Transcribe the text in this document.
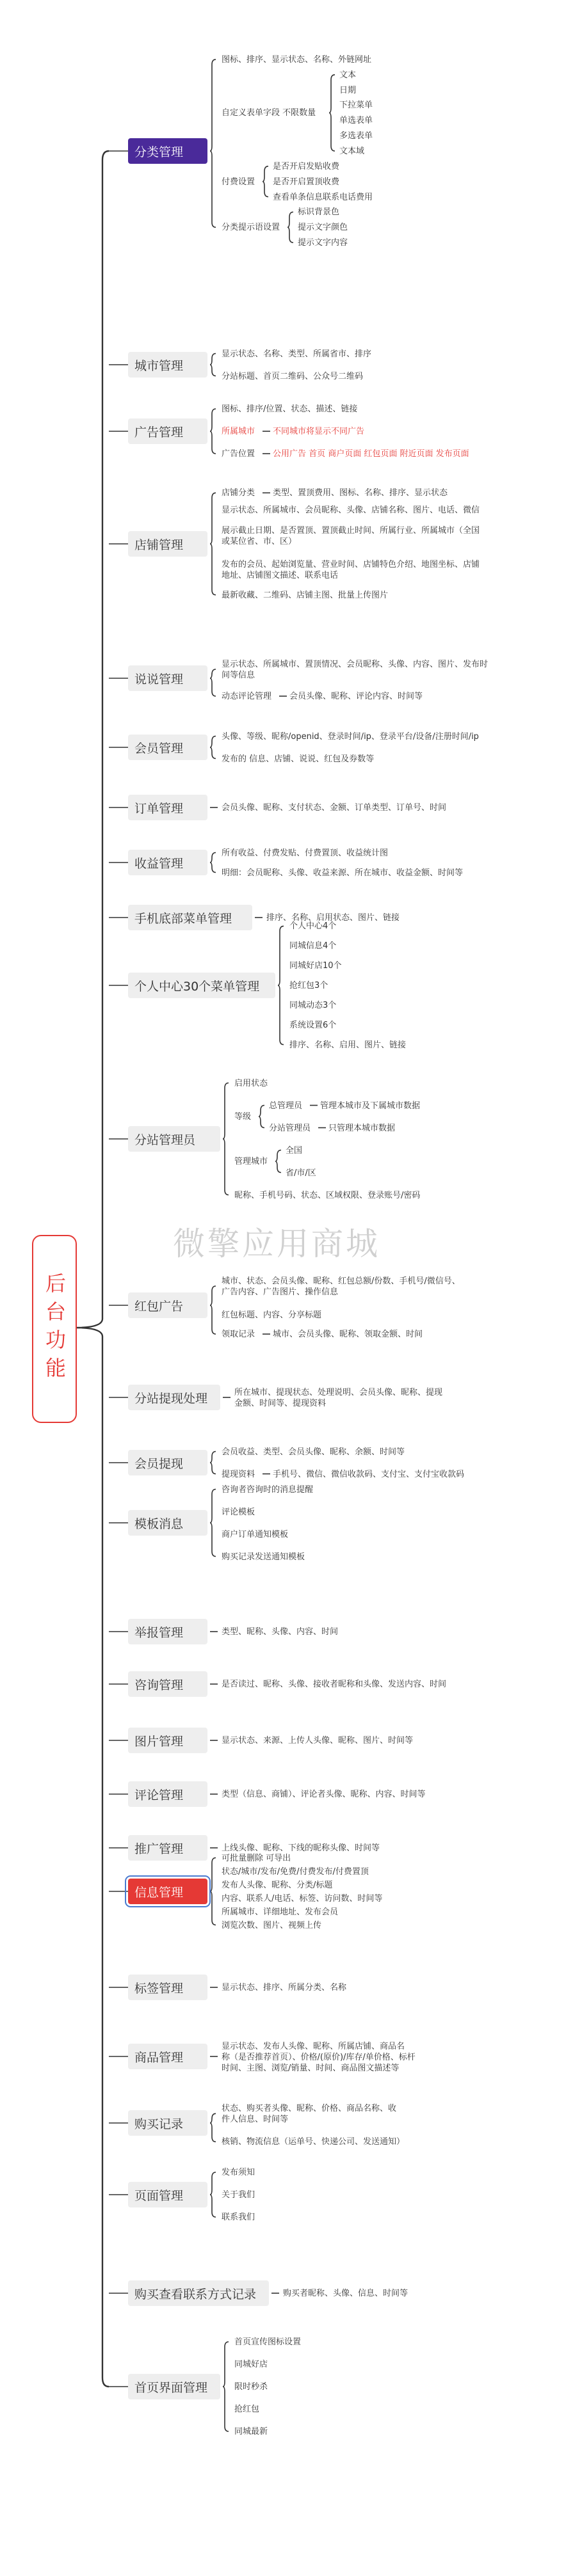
后台功能
分类管理
图标、排序、显示状态、名称、外链网址
自定义表单字段 不限数量
文本
日期
下拉菜单
单选表单
多选表单
文本域
付费设置
是否开启发贴收费
是否开启置顶收费
查看单条信息联系电话费用
分类提示语设置
标识背景色
提示文字颜色
提示文字内容
城市管理
显示状态、名称、类型、所属省市、排序
分站标题、首页二维码、公众号二维码
广告管理
图标、排序/位置、状态、描述、链接
所属城市 不同城市将显示不同广告
广告位置 公用广告 首页 商户页面 红包页面 附近页面 发布页面
店铺管理
店铺分类 类型、置顶费用、图标、名称、排序、显示状态
显示状态、所属城市、会员昵称、头像、店铺名称、图片、电话、微信
展示截止日期、是否置顶、置顶截止时间、所属行业、所属城市（全国
或某位省、市、区）
发布的会员、起始浏览量、营业时间、店铺特色介绍、地图坐标、店铺
地址、店铺图文描述、联系电话
最新收藏、二维码、店铺主图、批量上传图片
说说管理
显示状态、所属城市、置顶情况、会员昵称、头像、内容、图片、发布时
间等信息
动态评论管理 会员头像、昵称、评论内容、时间等
会员管理
头像、等级、昵称/openid、登录时间/ip、登录平台/设备/注册时间/ip
发布的 信息、店铺、说说、红包及券数等
订单管理	会员头像、昵称、支付状态、金额、订单类型、订单号、时间
收益管理
所有收益、付费发贴、付费置顶、收益统计图
明细：会员昵称、头像、收益来源、所在城市、收益金额、时间等
手机底部菜单管理	排序、名称、启用状态、图片、链接
个人中心30个菜单管理
个人中心4个
同城信息4个
同城好店10个
抢红包3个
同城动态3个
系统设置6个
排序、名称、启用、图片、链接
分站管理员
启用状态
等级
总管理员 管理本城市及下属城市数据
分站管理员 只管理本城市数据
管理城市
全国
省/市/区
昵称、手机号码、状态、区域权限、登录账号/密码
红包广告
城市、状态、会员头像、昵称、红包总额/份数、手机号/微信号、
广告内容、广告图片、操作信息
红包标题、内容、分享标题
领取记录 城市、会员头像、昵称、领取金额、时间
分站提现处理	所在城市、提现状态、处理说明、会员头像、昵称、提现
金额、时间等、提现资料
会员提现
会员收益、类型、会员头像、昵称、余额、时间等
提现资料 手机号、微信、微信收款码、支付宝、支付宝收款码
模板消息
咨询者咨询时的消息提醒
评论模板
商户订单通知模板
购买记录发送通知模板
举报管理	类型、昵称、头像、内容、时间
咨询管理	是否读过、昵称、头像、接收者昵称和头像、发送内容、时间
图片管理	显示状态、来源、上传人头像、昵称、图片、时间等
评论管理	类型（信息、商铺）、评论者头像、昵称、内容、时间等
推广管理	上线头像、昵称、下线的昵称头像、时间等
信息管理
可批量删除 可导出
状态/城市/发布/免费/付费发布/付费置顶
发布人头像、昵称、分类/标题
内容、联系人/电话、标签、访问数、时间等
所属城市、详细地址、发布会员
浏览次数、图片、视频上传
标签管理	显示状态、排序、所属分类、名称
商品管理
显示状态、发布人头像、昵称、所属店铺、商品名
称（是否推荐首页）、价格/(原价)/库存/单价格、标杆
时间、主图、浏览/销量、时间、商品图文描述等
购买记录
状态、购买者头像、昵称、价格、商品名称、收
件人信息、时间等
核销、物流信息（运单号、快递公司、发送通知）
页面管理
发布须知
关于我们
联系我们
购买查看联系方式记录	购买者昵称、头像、信息、时间等
首页界面管理
首页宣传图标设置
同城好店
限时秒杀
抢红包
同城最新
微擎应用商城
